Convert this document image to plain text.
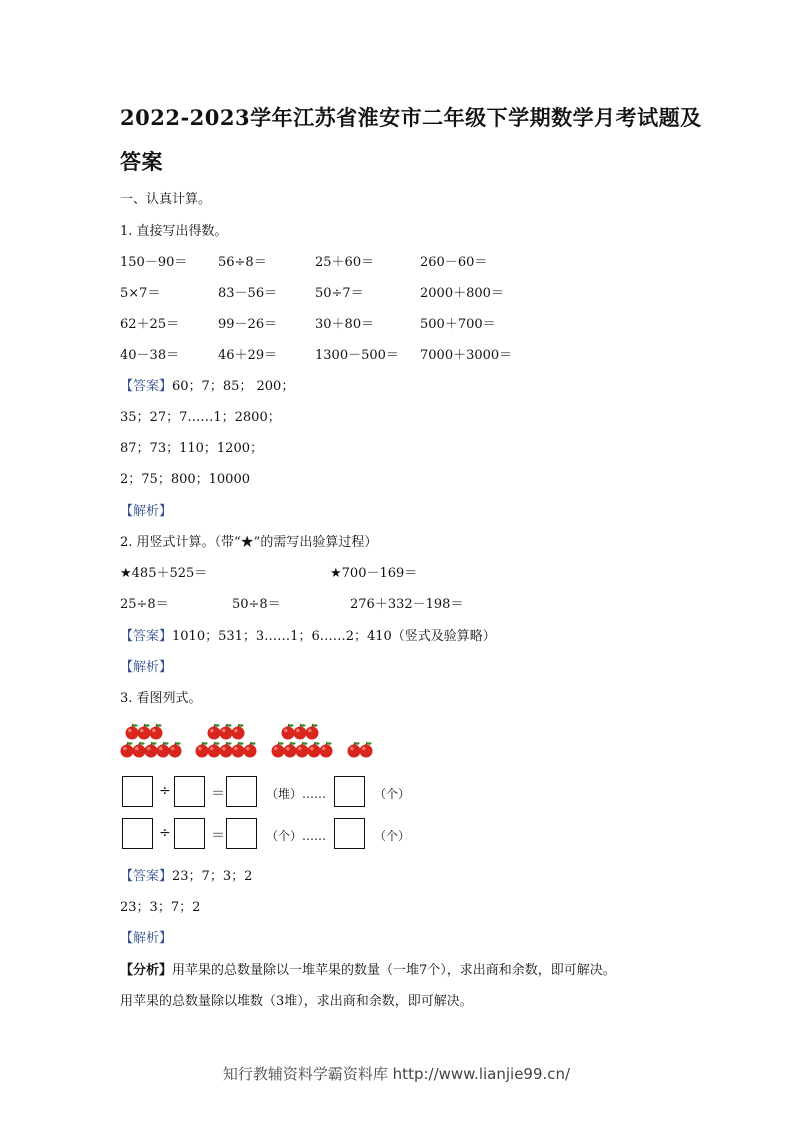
2022-2023学年江苏省淮安市二年级下学期数学月考试题及
答案
一、认真计算。
1. 直接写出得数。
150－90＝ 56÷8＝	25＋60＝	260－60＝
5×7＝	83－56＝	50÷7＝	2000＋800＝
62＋25＝	99－26＝	30＋80＝	500＋700＝
40－38＝	46＋29＝	1300－500＝ 7000＋3000＝
【答案】60；7；85； 200；
35；27；7……1；2800；
87；73；110；1200；
2；75；800；10000
【解析】
2. 用竖式计算。（带“★”的需写出验算过程）
★485＋525＝	★700－169＝
25÷8＝	50÷8＝	276＋332－198＝
【答案】1010；531；3……1；6……2；410（竖式及验算略）
【解析】
3. 看图列式。
÷	＝	（堆）……	（个）
÷	＝	（个）……	（个）
【答案】23；7；3；2
23；3；7；2
【解析】
【分析】用苹果的总数量除以一堆苹果的数量（一堆7个），求出商和余数，即可解决。
用苹果的总数量除以堆数（3堆），求出商和余数，即可解决。
知行教辅资料学霸资料库 http://www.lianjie99.cn/
